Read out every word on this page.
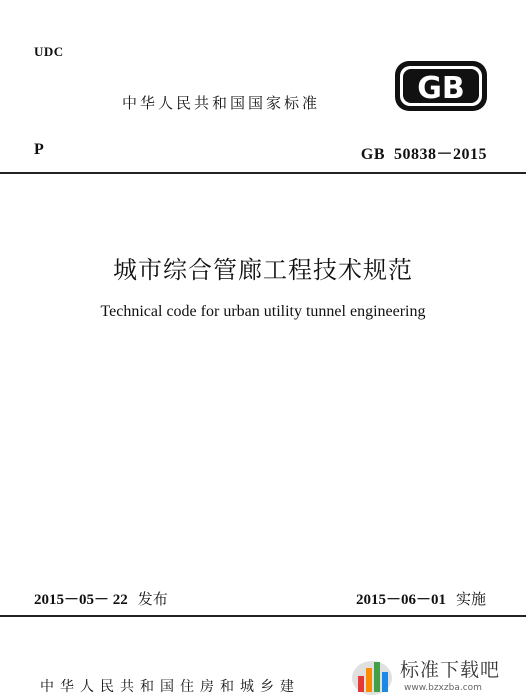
UDC
中华人民共和国国家标准	GB
P	GB  50838－2015
城市综合管廊工程技术规范
Technical code for urban utility tunnel engineering
2015－05－ 22 发布	2015－06－01 实施
中华人民共和国住房和城乡建
标准下载吧
www.bzxzba.com
